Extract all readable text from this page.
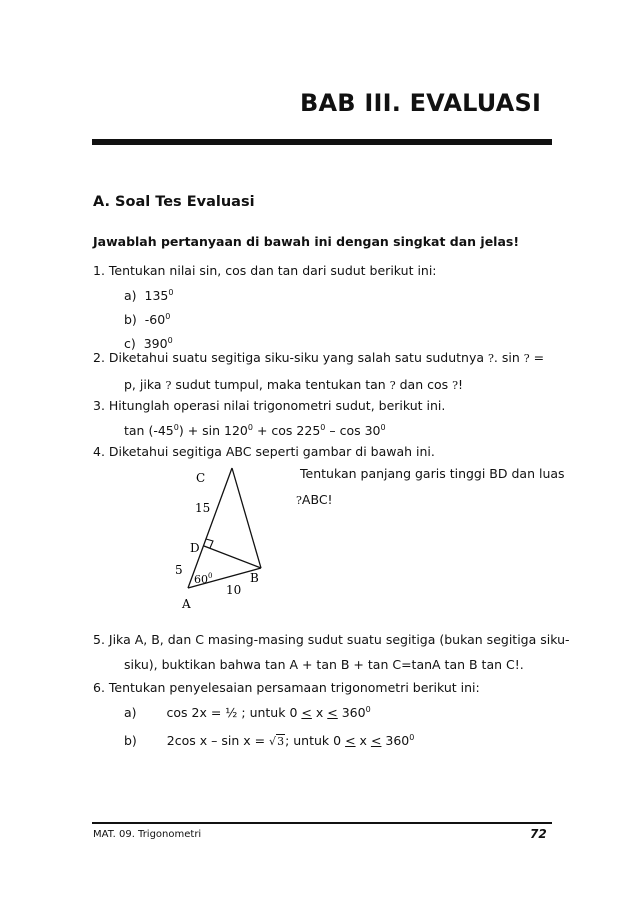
BAB III. EVALUASI
A. Soal Tes Evaluasi
Jawablah pertanyaan di bawah ini dengan singkat dan jelas!
1. Tentukan nilai sin, cos dan tan dari sudut berikut ini:
a) $135^0$
b) $-60^0$
c) $390^0$
2. Diketahui suatu segitiga siku-siku yang salah satu sudutnya ?. sin ? =
p, jika ? sudut tumpul, maka tentukan tan ? dan cos ?!
3. Hitunglah operasi nilai trigonometri sudut, berikut ini.
$\tan (-45^0) + \sin 120^0 + \cos 225^0 - \cos 30^0$
4. Diketahui segitiga ABC seperti gambar di bawah ini.
Tentukan panjang garis tinggi BD dan luas
?ABC!
C
15
D
5
$60^0$	B
10
A
5. Jika A, B, dan C masing-masing sudut suatu segitiga (bukan segitiga siku-
siku), buktikan bahwa tan A + tan B + tan C=tanA tan B tan C!.
6. Tentukan penyelesaian persamaan trigonometri berikut ini:
a) cos 2x = ½ ; untuk $0 < x < 360^0$
b) 2cos x – sin x = √3; untuk $0 < x < 360^0$
MAT. 09. Trigonometri	72
